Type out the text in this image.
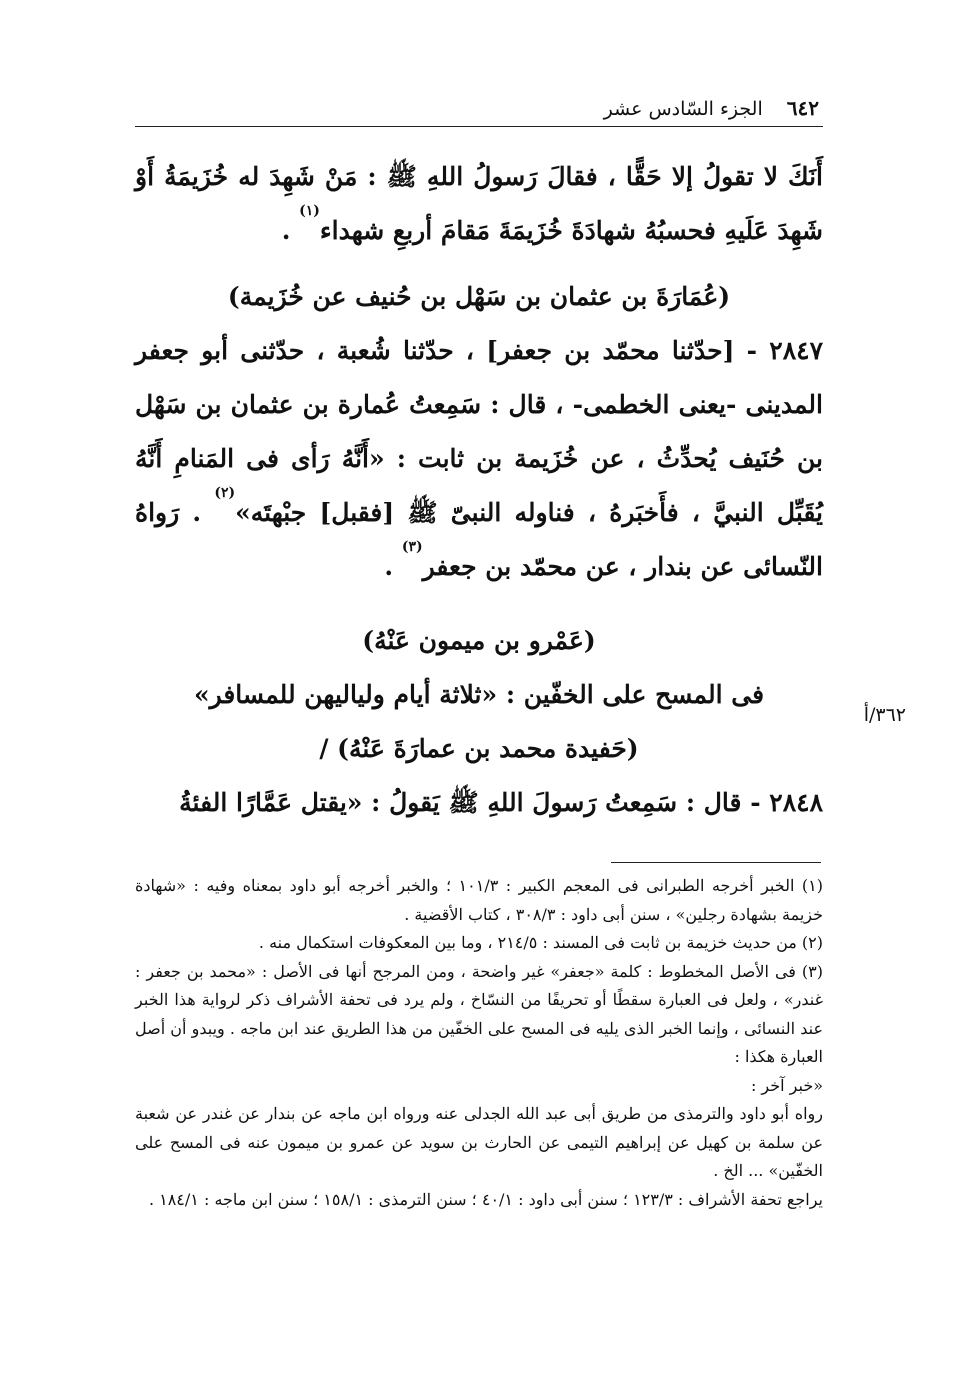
٦٤٢ الجزء السّادس عشر

أَنَكَ لا تقولُ إلا حَقًّا ، فقالَ رَسولُ اللهِ ﷺ : مَنْ شَهِدَ له خُزَيمَةُ أَوْ شَهِدَ عَلَيهِ فحسبُهُ شهادَةَ خُزَيمَةَ مَقامَ أربعِ شهداء$^{(١)}$ .

(عُمَارَةَ بن عثمان بن سَهْل بن حُنيف عن خُزَيمة)

٢٨٤٧ - [حدّثنا محمّد بن جعفر] ، حدّثنا شُعبة ، حدّثنى أبو جعفر المدينى -يعنى الخطمى- ، قال : سَمِعتُ عُمارة بن عثمان بن سَهْل بن حُنَيف يُحدِّثُ ، عن خُزَيمة بن ثابت : «أَنَّهُ رَأى فى المَنامِ أَنَّهُ يُقَبِّل النبيَّ ، فأَخبَرهُ ، فناوله النبىّ ﷺ [فقبل] جبْهتَه»$^{(٢)}$ . رَواهُ النّسائى عن بندار ، عن محمّد بن جعفر$^{(٣)}$ .

(عَمْرو بن ميمون عَنْهُ)

فى المسح على الخفّين : «ثلاثة أيام ولياليهن للمسافر»

(حَفيدة محمد بن عمارَةَ عَنْهُ) /

٢٨٤٨ - قال : سَمِعتُ رَسولَ اللهِ ﷺ يَقولُ : «يقتل عَمَّارًا الفئةُ

٣٦٢/أ

(١) الخبر أخرجه الطبرانى فى المعجم الكبير : ١٠١/٣ ؛ والخبر أخرجه أبو داود بمعناه وفيه : «شهادة خزيمة بشهادة رجلين» ، سنن أبى داود : ٣٠٨/٣ ، كتاب الأقضية .

(٢) من حديث خزيمة بن ثابت فى المسند : ٢١٤/٥ ، وما بين المعكوفات استكمال منه .

(٣) فى الأصل المخطوط : كلمة «جعفر» غير واضحة ، ومن المرجح أنها فى الأصل : «محمد بن جعفر : غندر» ، ولعل فى العبارة سقطًا أو تحريفًا من النسّاخ ، ولم يرد فى تحفة الأشراف ذكر لرواية هذا الخبر عند النسائى ، وإنما الخبر الذى يليه فى المسح على الخفّين من هذا الطريق عند ابن ماجه . ويبدو أن أصل العبارة هكذا :

«خبر آخر :

رواه أبو داود والترمذى من طريق أبى عبد الله الجدلى عنه ورواه ابن ماجه عن بندار عن غندر عن شعبة عن سلمة بن كهيل عن إبراهيم التيمى عن الحارث بن سويد عن عمرو بن ميمون عنه فى المسح على الخفّين» ... الخ .

يراجع تحفة الأشراف : ١٢٣/٣ ؛ سنن أبى داود : ٤٠/١ ؛ سنن الترمذى : ١٥٨/١ ؛ سنن ابن ماجه : ١٨٤/١ .
